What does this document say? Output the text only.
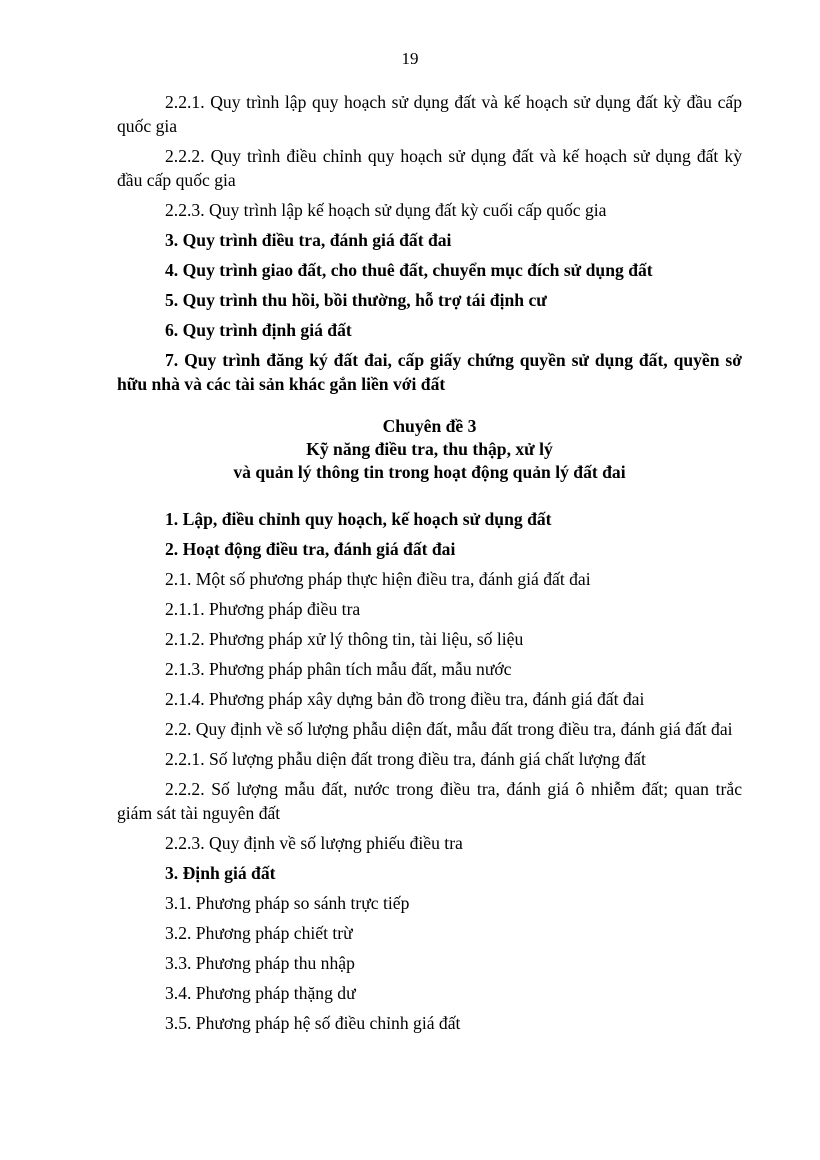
19

2.2.1. Quy trình lập quy hoạch sử dụng đất và kế hoạch sử dụng đất kỳ đầu cấp quốc gia

2.2.2. Quy trình điều chỉnh quy hoạch sử dụng đất và kế hoạch sử dụng đất kỳ đầu cấp quốc gia

2.2.3. Quy trình lập kế hoạch sử dụng đất kỳ cuối cấp quốc gia

3. Quy trình điều tra, đánh giá đất đai

4. Quy trình giao đất, cho thuê đất, chuyển mục đích sử dụng đất

5. Quy trình thu hồi, bồi thường, hỗ trợ tái định cư

6. Quy trình định giá đất

7. Quy trình đăng ký đất đai, cấp giấy chứng quyền sử dụng đất, quyền sở hữu nhà và các tài sản khác gắn liền với đất

Chuyên đề 3
Kỹ năng điều tra, thu thập, xử lý
và quản lý thông tin trong hoạt động quản lý đất đai

1. Lập, điều chỉnh quy hoạch, kế hoạch sử dụng đất

2. Hoạt động điều tra, đánh giá đất đai

2.1. Một số phương pháp thực hiện điều tra, đánh giá đất đai

2.1.1. Phương pháp điều tra

2.1.2. Phương pháp xử lý thông tin, tài liệu, số liệu

2.1.3. Phương pháp phân tích mẫu đất, mẫu nước

2.1.4. Phương pháp xây dựng bản đồ trong điều tra, đánh giá đất đai

2.2. Quy định về số lượng phẫu diện đất, mẫu đất trong điều tra, đánh giá đất đai

2.2.1. Số lượng phẫu diện đất trong điều tra, đánh giá chất lượng đất

2.2.2. Số lượng mẫu đất, nước trong điều tra, đánh giá ô nhiễm đất; quan trắc giám sát tài nguyên đất

2.2.3. Quy định về số lượng phiếu điều tra

3. Định giá đất

3.1. Phương pháp so sánh trực tiếp

3.2. Phương pháp chiết trừ

3.3. Phương pháp thu nhập

3.4. Phương pháp thặng dư

3.5. Phương pháp hệ số điều chỉnh giá đất
